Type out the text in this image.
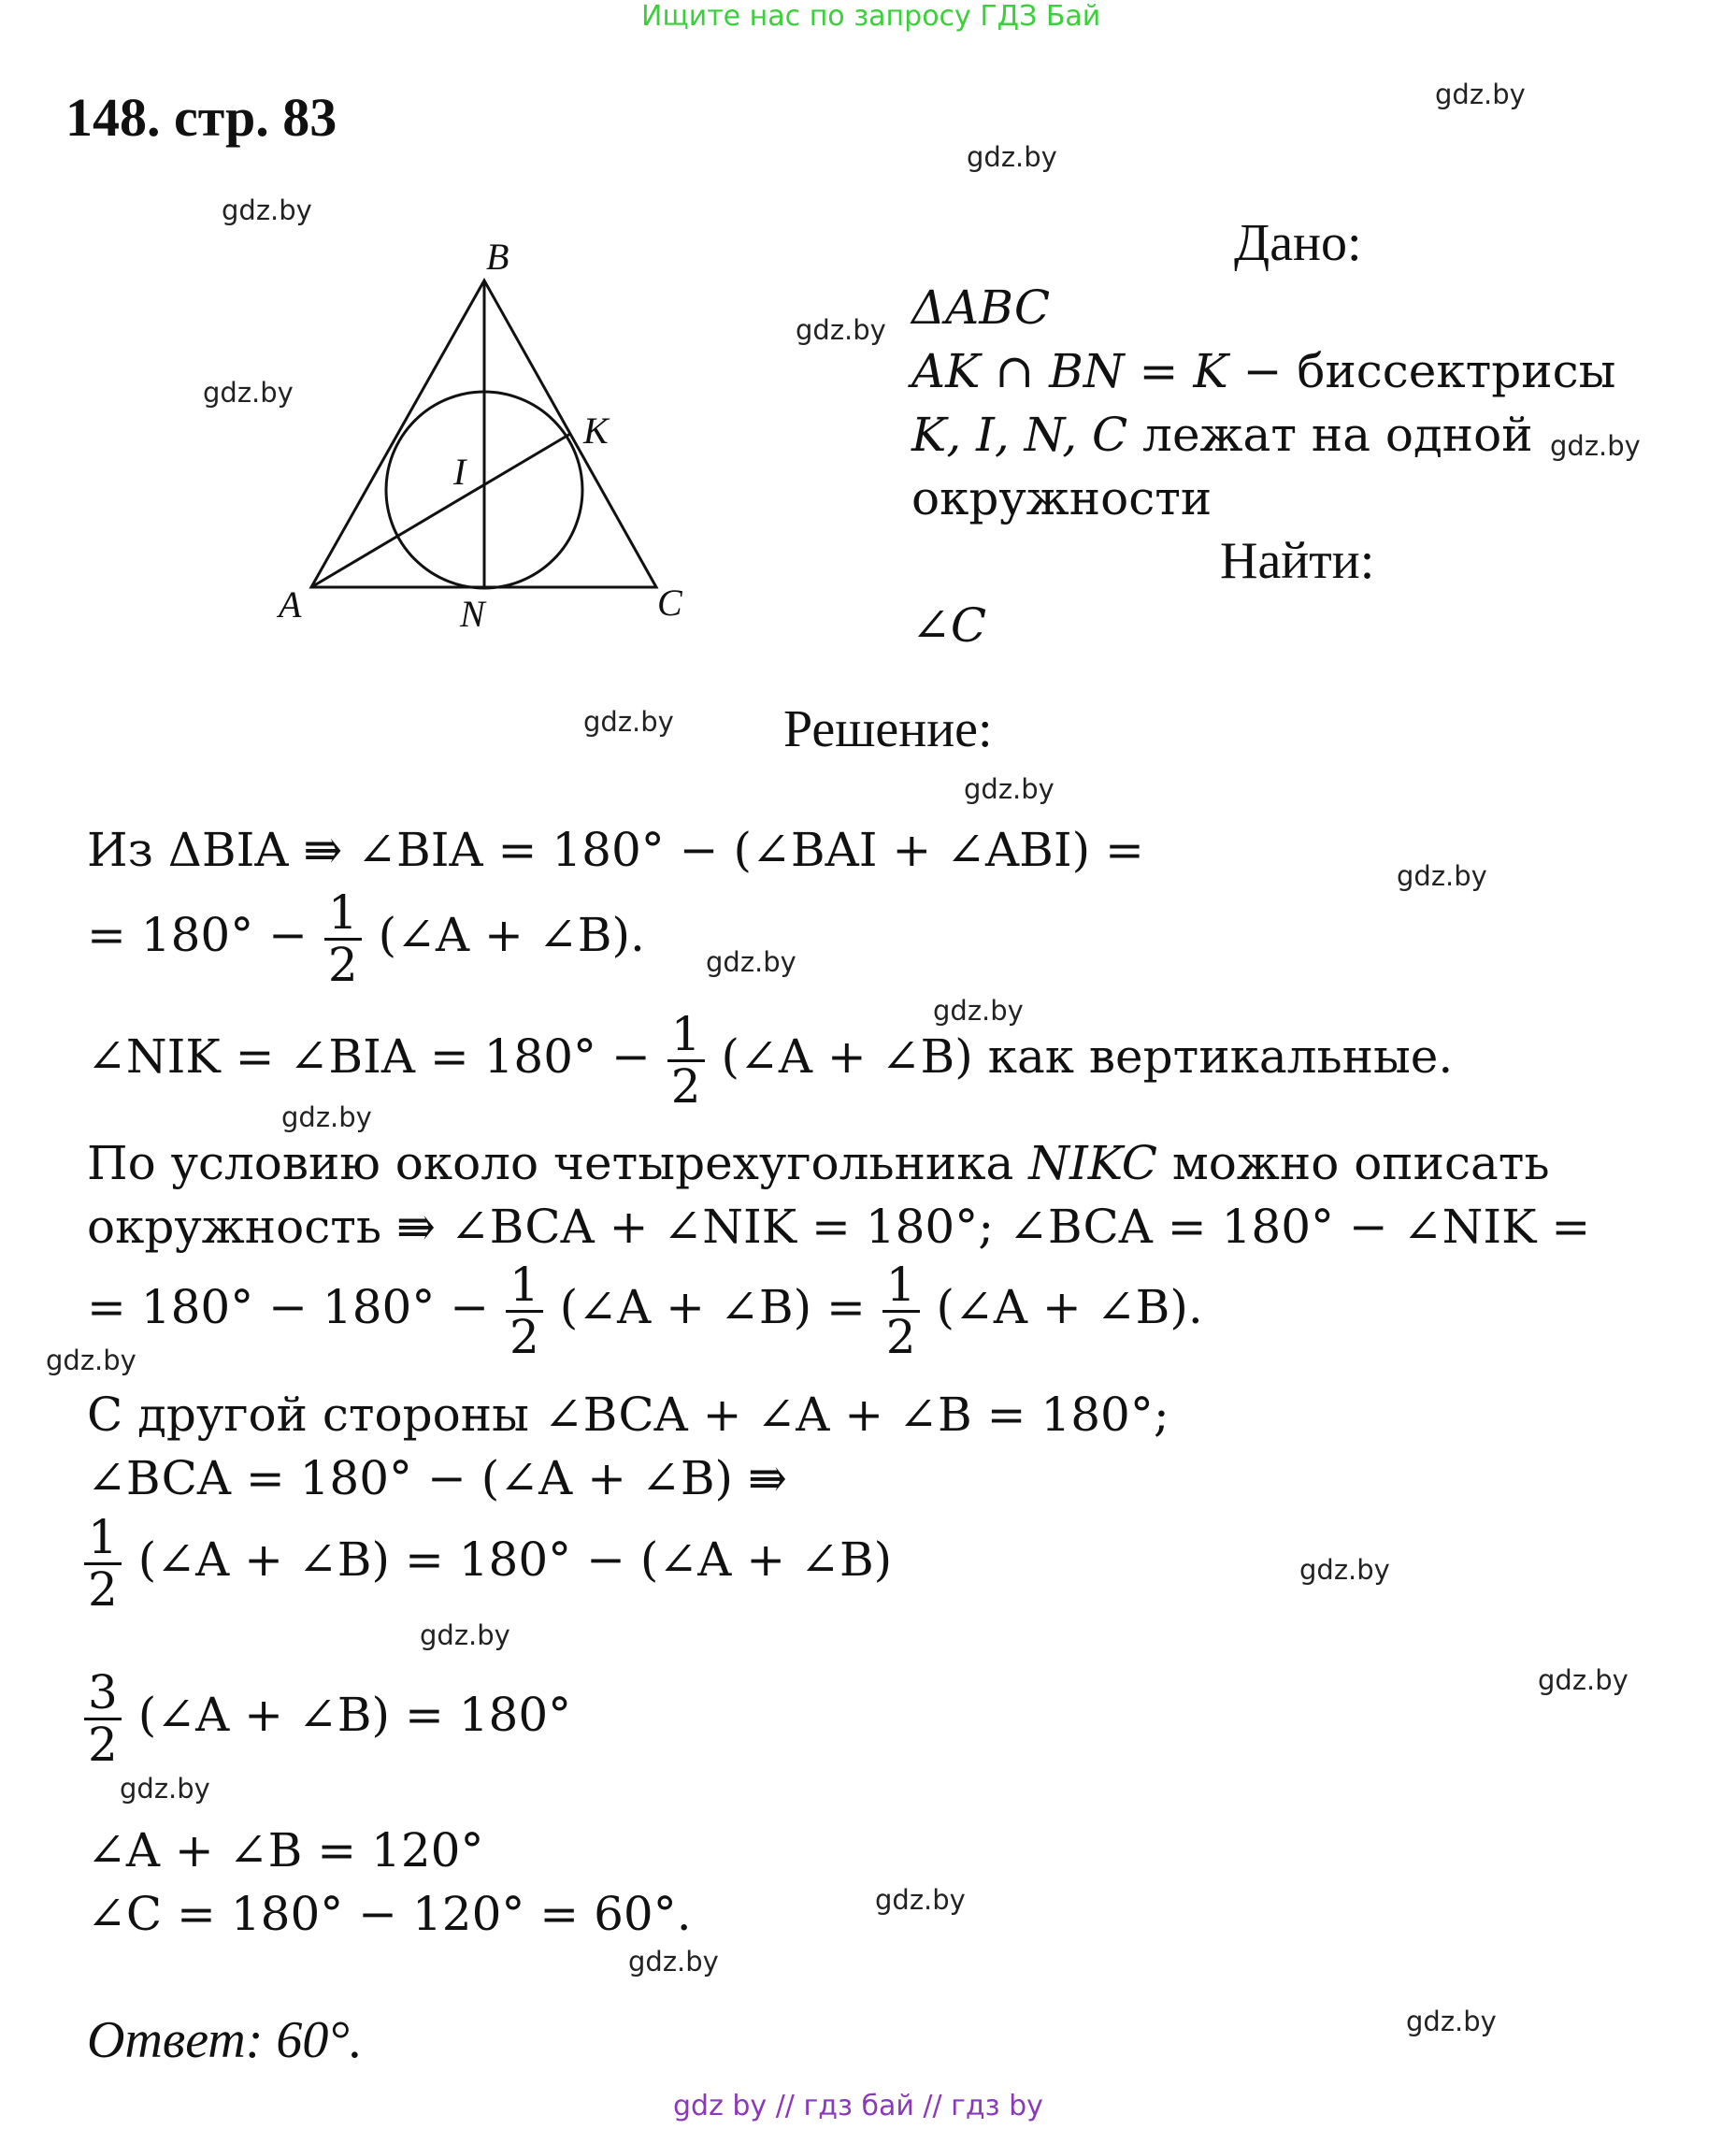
Ищите нас по запросу ГДЗ Бай
148. стр. 83	gdz.by
gdz.by
gdz.by
gdz.by
gdz.by
gdz.by
gdz.by
gdz.by
gdz.by
gdz.by
gdz.by
gdz.by
gdz.by
gdz.by
gdz.by
gdz.by
gdz.by
gdz.by
gdz.by
gdz.by
B
K
I
A	N	C
Дано:
ΔABC
AK ∩ BN = K − биссектрисы
K, I, N, C лежат на одной
окружности
Найти:
∠C
Решение:
Из ΔBIA ⇛ ∠BIA = 180° − (∠BAI + ∠ABI) =
= $180^\circ - \frac{1}{2}$ (∠A + ∠B).
∠NIK = ∠BIA = $180^\circ - \frac{1}{2}$ (∠A + ∠B) как вертикальные.
По условию около четырехугольника NIKC можно описать
окружность ⇛ ∠BCA + ∠NIK = 180°; ∠BCA = 180° − ∠NIK =
= $180^\circ - 180^\circ - \frac{1}{2}$ (∠A + ∠B) = $\frac{1}{2}$ (∠A + ∠B).
С другой стороны ∠BCA + ∠A + ∠B = 180°;
∠BCA = 180° − (∠A + ∠B) ⇛
$\frac{1}{2}$ (∠A + ∠B) = 180° − (∠A + ∠B)
$\frac{3}{2}$ (∠A + ∠B) = 180°
∠A + ∠B = 120°
∠C = 180° − 120° = 60°.
Ответ: 60°.
gdz by // гдз бай // гдз by
